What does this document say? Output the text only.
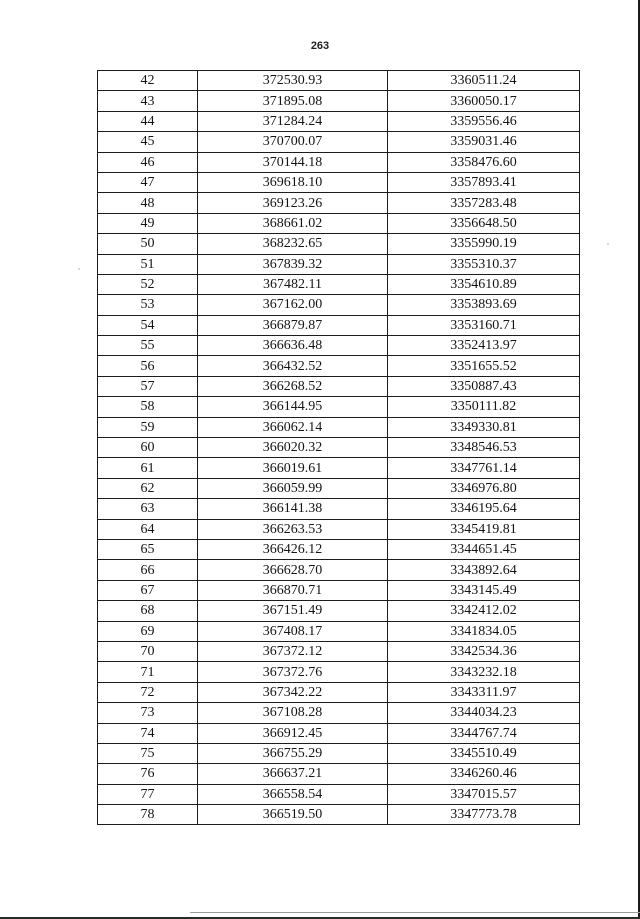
263
42	372530.93	3360511.24
43	371895.08	3360050.17
44	371284.24	3359556.46
45	370700.07	3359031.46
46	370144.18	3358476.60
47	369618.10	3357893.41
48	369123.26	3357283.48
49	368661.02	3356648.50
50	368232.65	3355990.19
51	367839.32	3355310.37
52	367482.11	3354610.89
53	367162.00	3353893.69
54	366879.87	3353160.71
55	366636.48	3352413.97
56	366432.52	3351655.52
57	366268.52	3350887.43
58	366144.95	3350111.82
59	366062.14	3349330.81
60	366020.32	3348546.53
61	366019.61	3347761.14
62	366059.99	3346976.80
63	366141.38	3346195.64
64	366263.53	3345419.81
65	366426.12	3344651.45
66	366628.70	3343892.64
67	366870.71	3343145.49
68	367151.49	3342412.02
69	367408.17	3341834.05
70	367372.12	3342534.36
71	367372.76	3343232.18
72	367342.22	3343311.97
73	367108.28	3344034.23
74	366912.45	3344767.74
75	366755.29	3345510.49
76	366637.21	3346260.46
77	366558.54	3347015.57
78	366519.50	3347773.78
